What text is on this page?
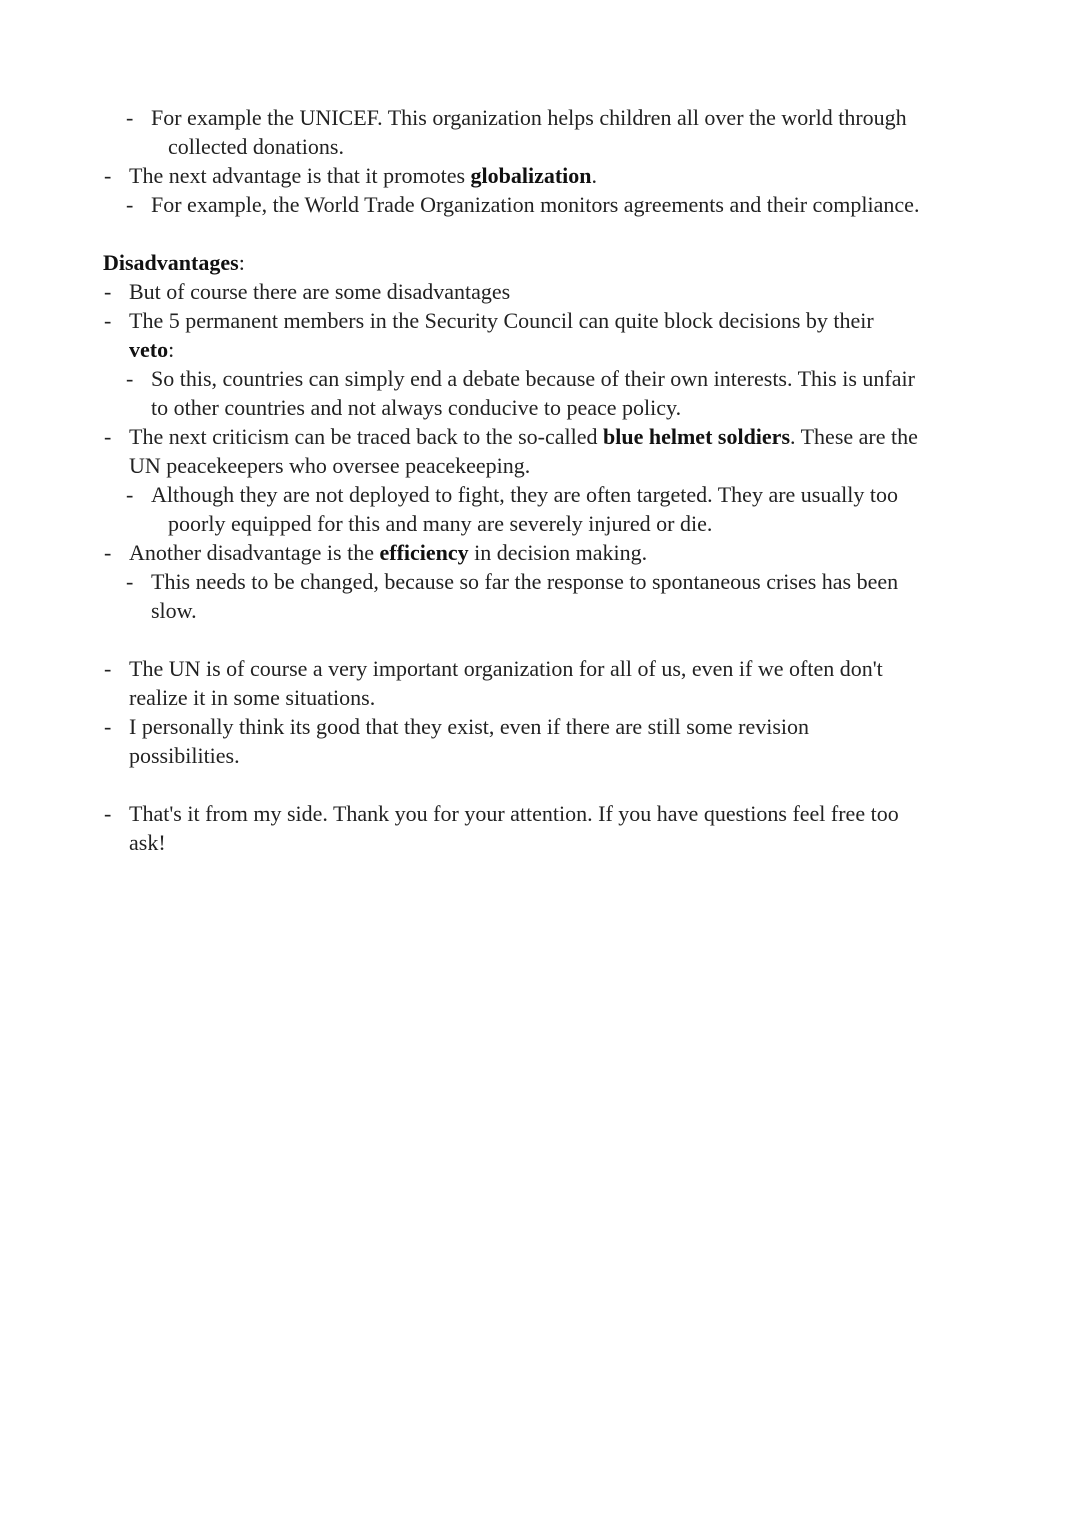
- For example the UNICEF. This organization helps children all over the world through
collected donations.
- The next advantage is that it promotes globalization.
- For example, the World Trade Organization monitors agreements and their compliance.
Disadvantages:
- But of course there are some disadvantages
- The 5 permanent members in the Security Council can quite block decisions by their
veto:
- So this, countries can simply end a debate because of their own interests. This is unfair
to other countries and not always conducive to peace policy.
- The next criticism can be traced back to the so-called blue helmet soldiers. These are the
UN peacekeepers who oversee peacekeeping.
- Although they are not deployed to fight, they are often targeted. They are usually too
poorly equipped for this and many are severely injured or die.
- Another disadvantage is the efficiency in decision making.
- This needs to be changed, because so far the response to spontaneous crises has been
slow.
- The UN is of course a very important organization for all of us, even if we often don't
realize it in some situations.
- I personally think its good that they exist, even if there are still some revision
possibilities.
- That's it from my side. Thank you for your attention. If you have questions feel free too
ask!
